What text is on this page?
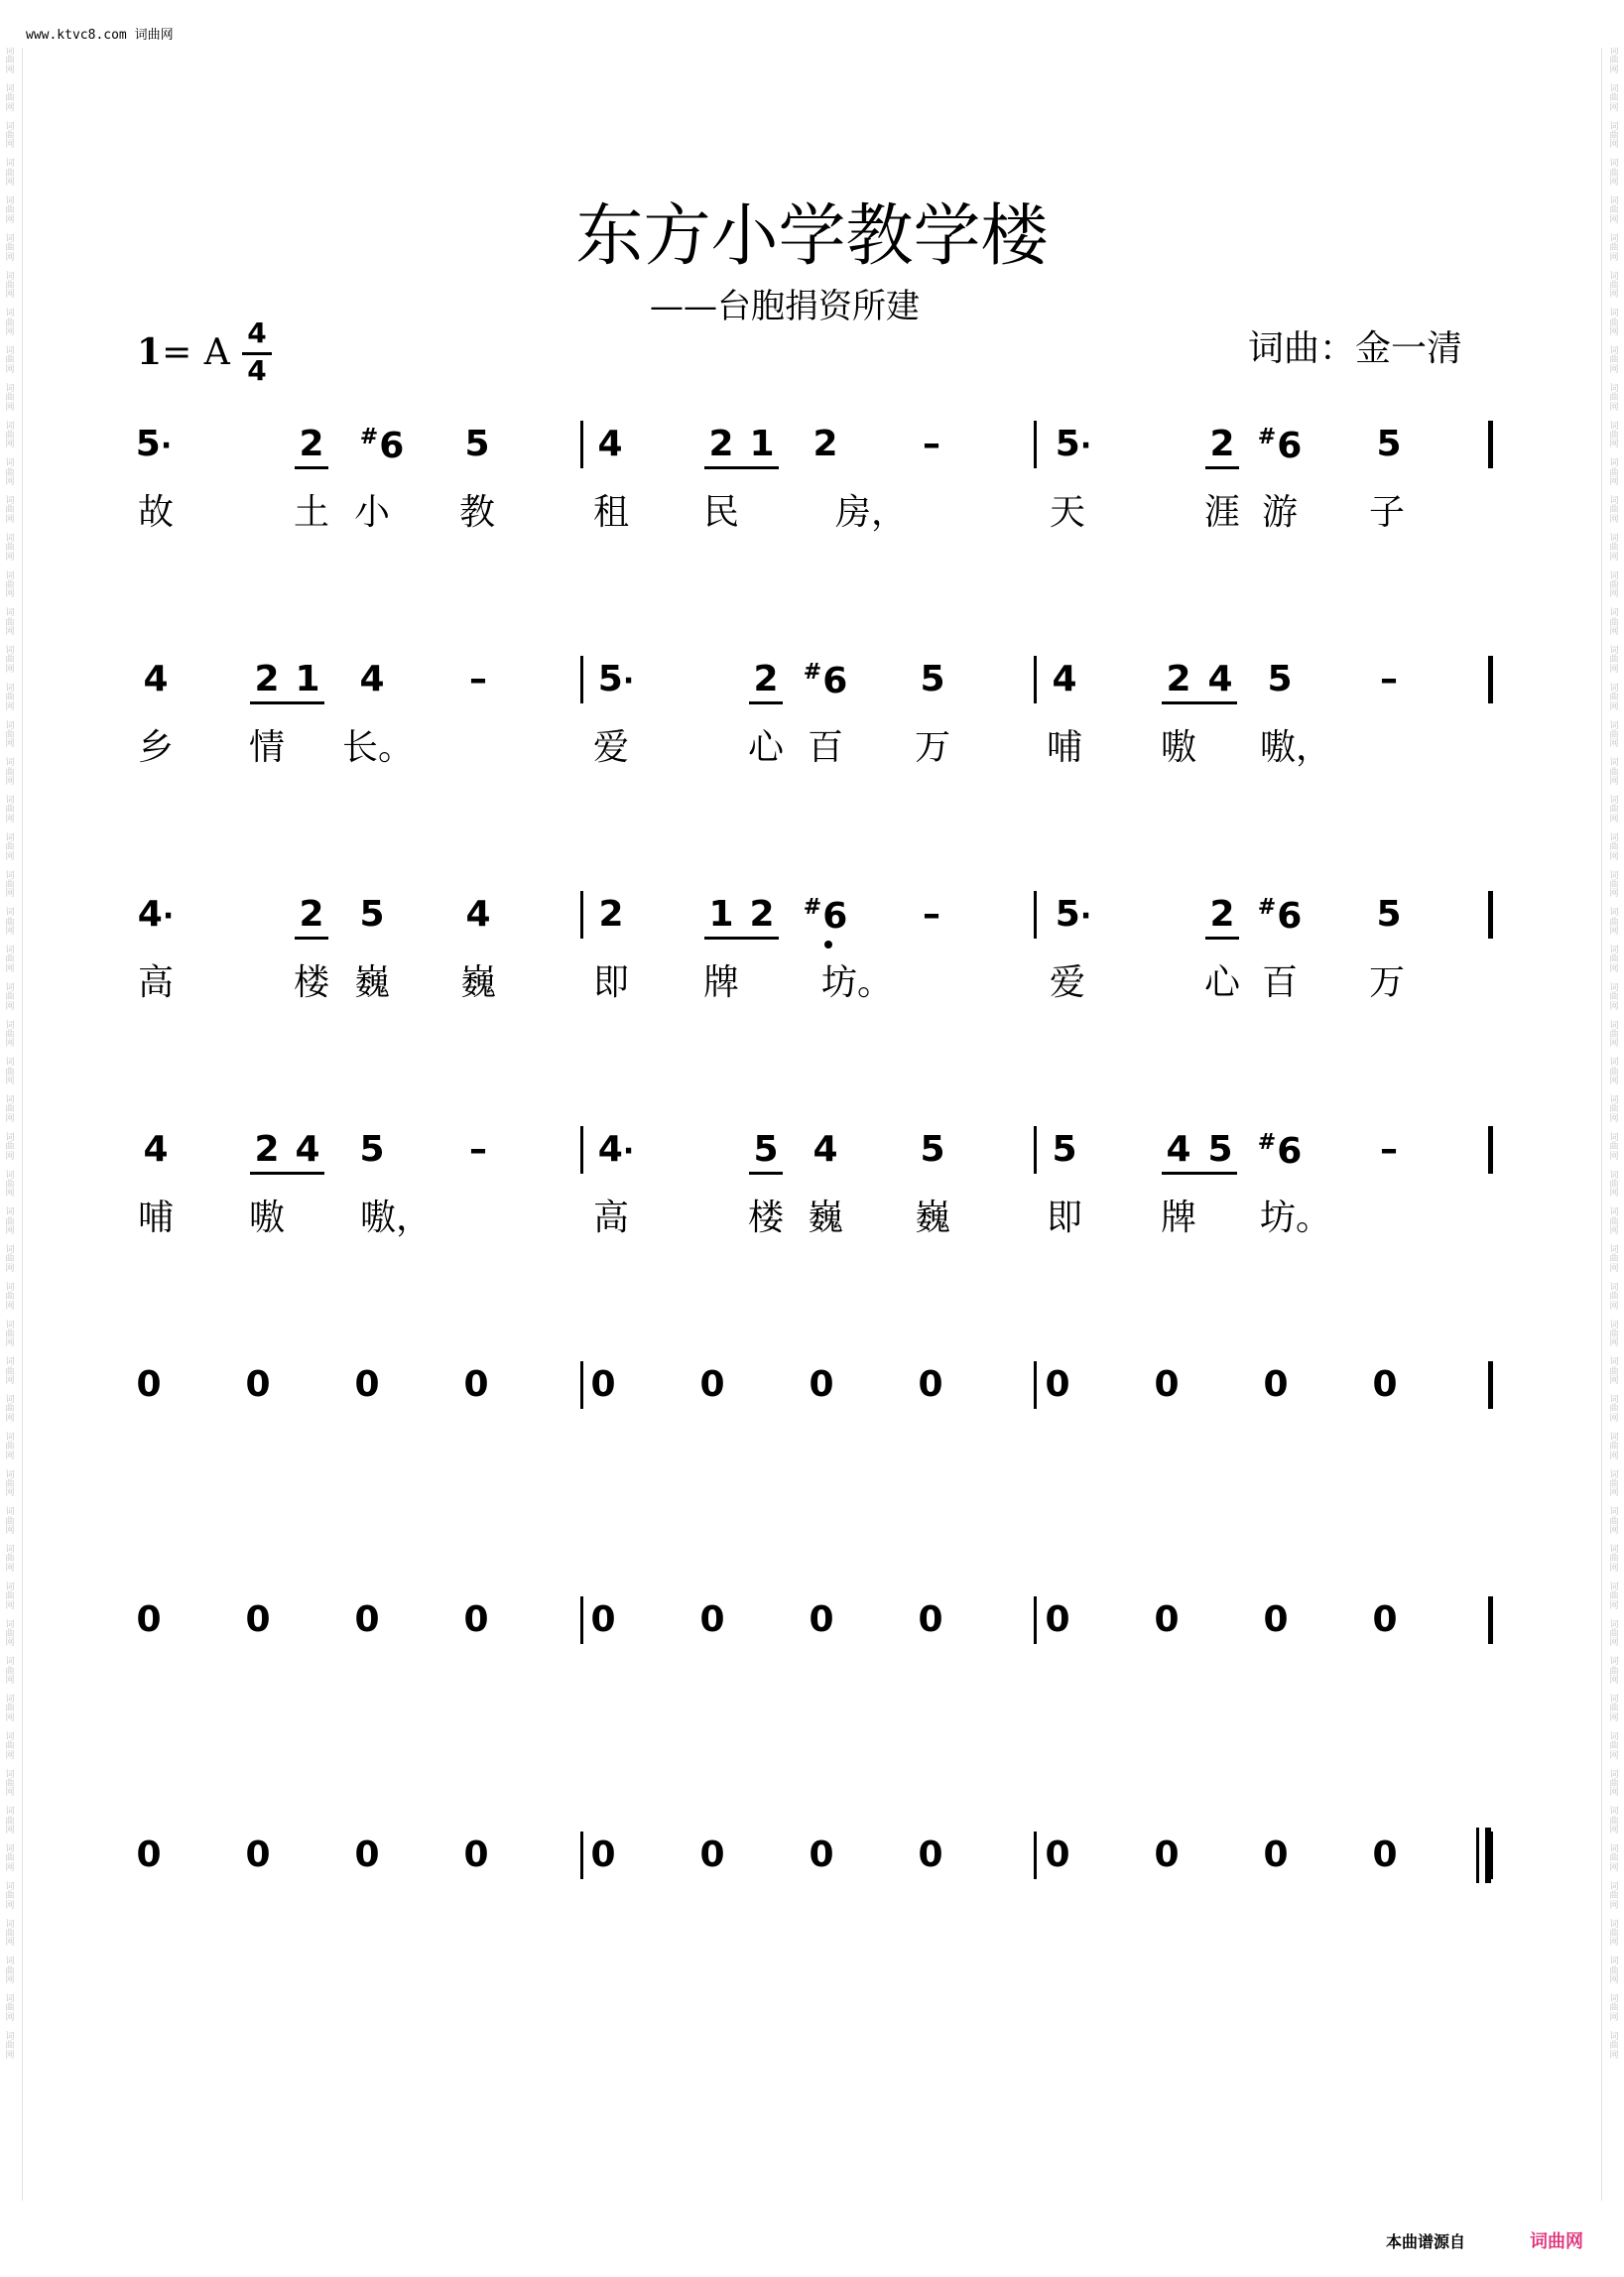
www.ktvc8.com 词曲网
词
曲
网

词
曲
网

词
曲
网

词
曲
网

词
曲
网

词
曲
网

词
曲
网

词
曲
网

词
曲
网

词
曲
网

词
曲
网

词
曲
网

词
曲
网

词
曲
网

词
曲
网

词
曲
网

词
曲
网

词
曲
网

词
曲
网

词
曲
网

词
曲
网

词
曲
网

词
曲
网

词
曲
网

词
曲
网

词
曲
网

词
曲
网

词
曲
网

词
曲
网

词
曲
网

词
曲
网

词
曲
网

词
曲
网

词
曲
网

词
曲
网

词
曲
网

词
曲
网

词
曲
网

词
曲
网

词
曲
网

词
曲
网

词
曲
网

词
曲
网

词
曲
网

词
曲
网

词
曲
网

词
曲
网

词
曲
网

词
曲
网

词
曲
网

词
曲
网

词
曲
网

词
曲
网

词
曲
网

词
曲
网

词
曲
网

词
曲
网

词
曲
网

词
曲
网

词
曲
网

词
曲
网

词
曲
网

词
曲
网

词
曲
网

词
曲
网

词
曲
网

词
曲
网

词
曲
网

词
曲
网

词
曲
网

词
曲
网

词
曲
网

词
曲
网

词
曲
网

词
曲
网

词
曲
网

词
曲
网

词
曲
网

词
曲
网

词
曲
网

词
曲
网

词
曲
网

词
曲
网

词
曲
网

词
曲
网

词
曲
网

词
曲
网

词
曲
网

词
曲
网

词
曲
网

词
曲
网

词
曲
网

词
曲
网

词
曲
网

词
曲
网

词
曲
网

词
曲
网

词
曲
网

词
曲
网

词
曲
网

词
曲
网

词
曲
网

词
曲
网

词
曲
网

词
曲
网

词
曲
网

词
曲
网

词
曲
网

东方小学教学楼
——台胞捐资所建
1= A $\frac{4}{4}$	词曲：金一清
5·	2	#6	5	4	2 1	2	–	5·	2	#6	5
故	土 小	教	租	民	房，	天	涯 游	子
4	2 1	4	–	5·	2	#6	5	4	2 4 5	–
乡	情	长。	爱	心 百	万	哺	嗷	嗷，
4·	2 5	4	2	1 2	#6	–	5·	2	#6	5
高	楼 巍	巍	即	牌	坊。	爱	心 百	万
4	2 4	5	–	4·	5 4	5	5	4 5	#6	–
哺	嗷	嗷，	高	楼 巍	巍	即	牌	坊。
0	0	0	0	0	0	0	0	0	0	0	0
0	0	0	0	0	0	0	0	0	0	0	0
0	0	0	0	0	0	0	0	0	0	0	0
本曲谱源自	词曲网
